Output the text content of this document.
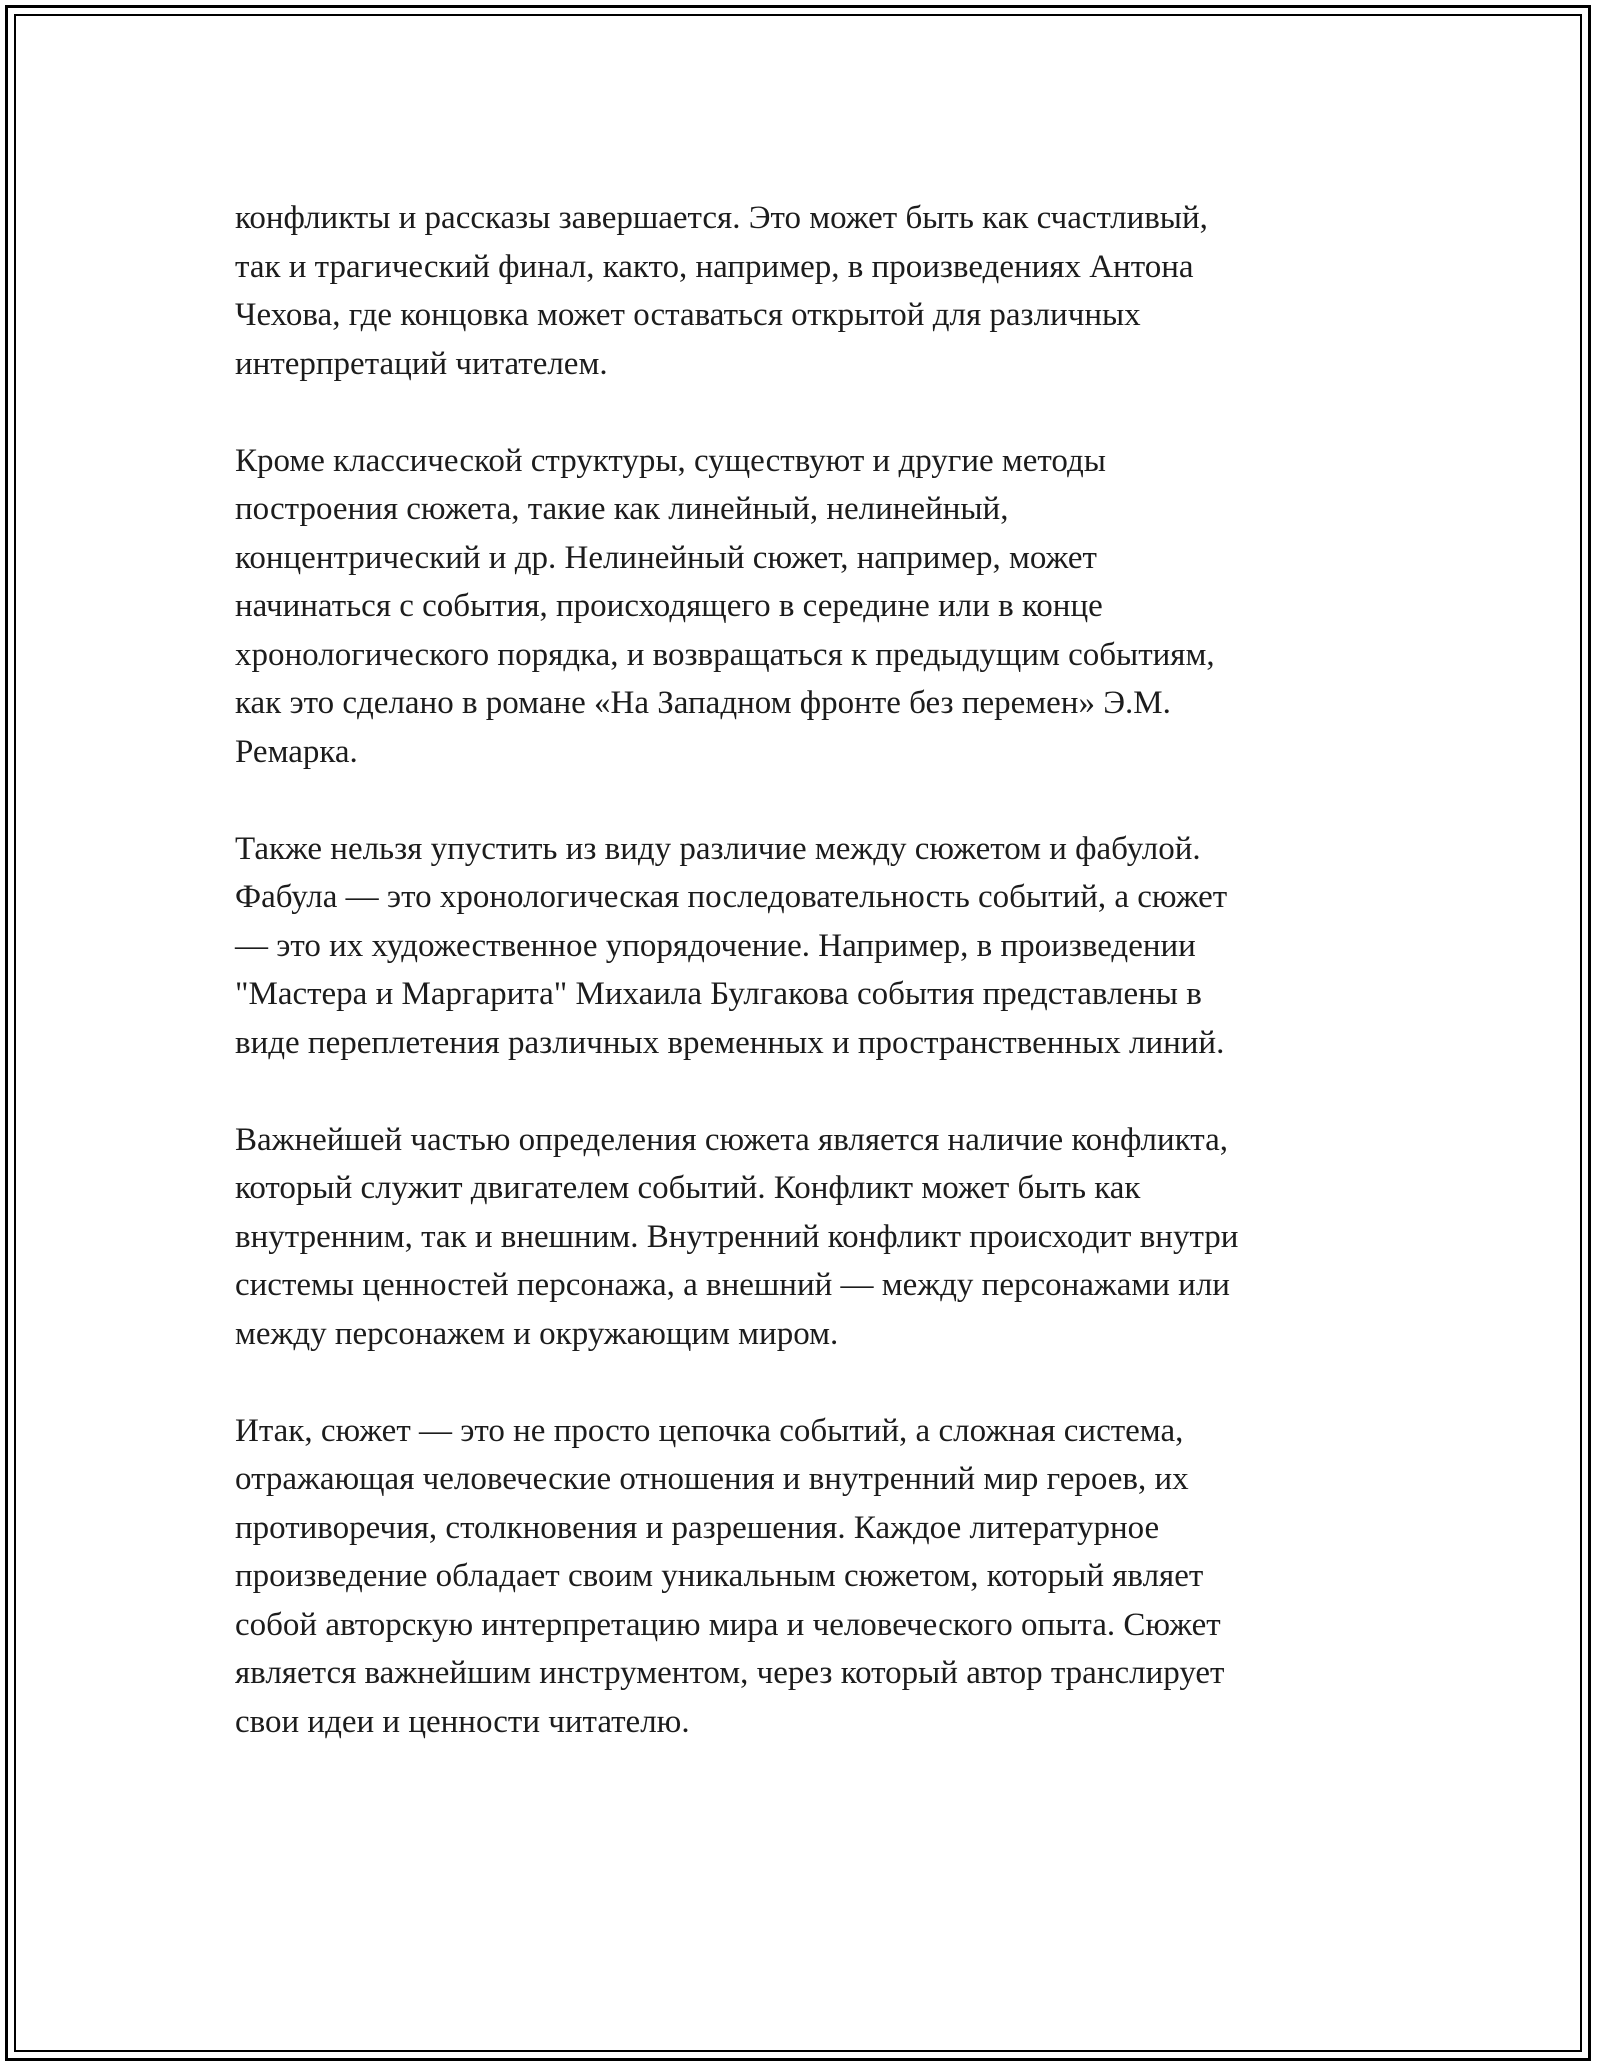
конфликты и рассказы завершается. Это может быть как счастливый,
так и трагический финал, както, например, в произведениях Антона
Чехова, где концовка может оставаться открытой для различных
интерпретаций читателем.

Кроме классической структуры, существуют и другие методы
построения сюжета, такие как линейный, нелинейный,
концентрический и др. Нелинейный сюжет, например, может
начинаться с события, происходящего в середине или в конце
хронологического порядка, и возвращаться к предыдущим событиям,
как это сделано в романе «На Западном фронте без перемен» Э.М.
Ремарка.

Также нельзя упустить из виду различие между сюжетом и фабулой.
Фабула — это хронологическая последовательность событий, а сюжет
— это их художественное упорядочение. Например, в произведении
"Мастера и Маргарита" Михаила Булгакова события представлены в
виде переплетения различных временных и пространственных линий.

Важнейшей частью определения сюжета является наличие конфликта,
который служит двигателем событий. Конфликт может быть как
внутренним, так и внешним. Внутренний конфликт происходит внутри
системы ценностей персонажа, а внешний — между персонажами или
между персонажем и окружающим миром.

Итак, сюжет — это не просто цепочка событий, а сложная система,
отражающая человеческие отношения и внутренний мир героев, их
противоречия, столкновения и разрешения. Каждое литературное
произведение обладает своим уникальным сюжетом, который являет
собой авторскую интерпретацию мира и человеческого опыта. Сюжет
является важнейшим инструментом, через который автор транслирует
свои идеи и ценности читателю.
